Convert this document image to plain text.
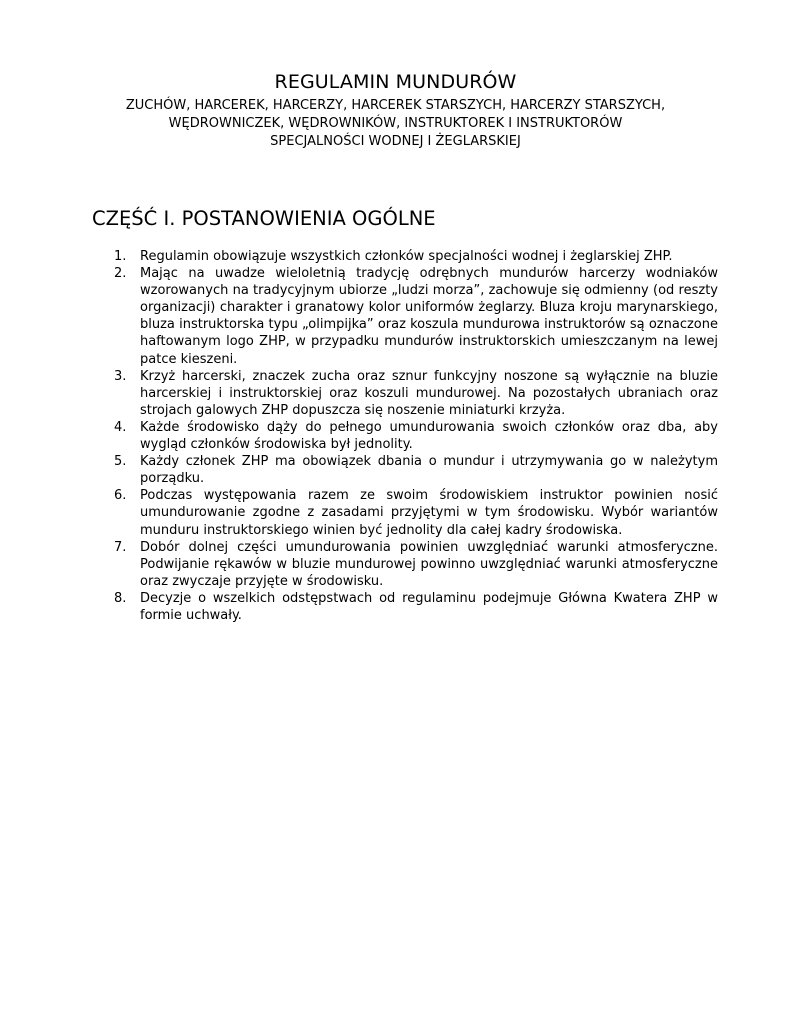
REGULAMIN MUNDURÓW
ZUCHÓW, HARCEREK, HARCERZY, HARCEREK STARSZYCH, HARCERZY STARSZYCH,
WĘDROWNICZEK, WĘDROWNIKÓW, INSTRUKTOREK I INSTRUKTORÓW
SPECJALNOŚCI WODNEJ I ŻEGLARSKIEJ
CZĘŚĆ I. POSTANOWIENIA OGÓLNE
1. Regulamin obowiązuje wszystkich członków specjalności wodnej i żeglarskiej ZHP.
2. Mając na uwadze wieloletnią tradycję odrębnych mundurów harcerzy wodniaków wzorowanych na tradycyjnym ubiorze „ludzi morza”, zachowuje się odmienny (od reszty organizacji) charakter i granatowy kolor uniformów żeglarzy. Bluza kroju marynarskiego, bluza instruktorska typu „olimpijka” oraz koszula mundurowa instruktorów są oznaczone haftowanym logo ZHP, w przypadku mundurów instruktorskich umieszczanym na lewej patce kieszeni.
3. Krzyż harcerski, znaczek zucha oraz sznur funkcyjny noszone są wyłącznie na bluzie harcerskiej i instruktorskiej oraz koszuli mundurowej. Na pozostałych ubraniach oraz strojach galowych ZHP dopuszcza się noszenie miniaturki krzyża.
4. Każde środowisko dąży do pełnego umundurowania swoich członków oraz dba, aby wygląd członków środowiska był jednolity.
5. Każdy członek ZHP ma obowiązek dbania o mundur i utrzymywania go w należytym porządku.
6. Podczas występowania razem ze swoim środowiskiem instruktor powinien nosić umundurowanie zgodne z zasadami przyjętymi w tym środowisku. Wybór wariantów munduru instruktorskiego winien być jednolity dla całej kadry środowiska.
7. Dobór dolnej części umundurowania powinien uwzględniać warunki atmosferyczne. Podwijanie rękawów w bluzie mundurowej powinno uwzględniać warunki atmosferyczne oraz zwyczaje przyjęte w środowisku.
8. Decyzje o wszelkich odstępstwach od regulaminu podejmuje Główna Kwatera ZHP w formie uchwały.
